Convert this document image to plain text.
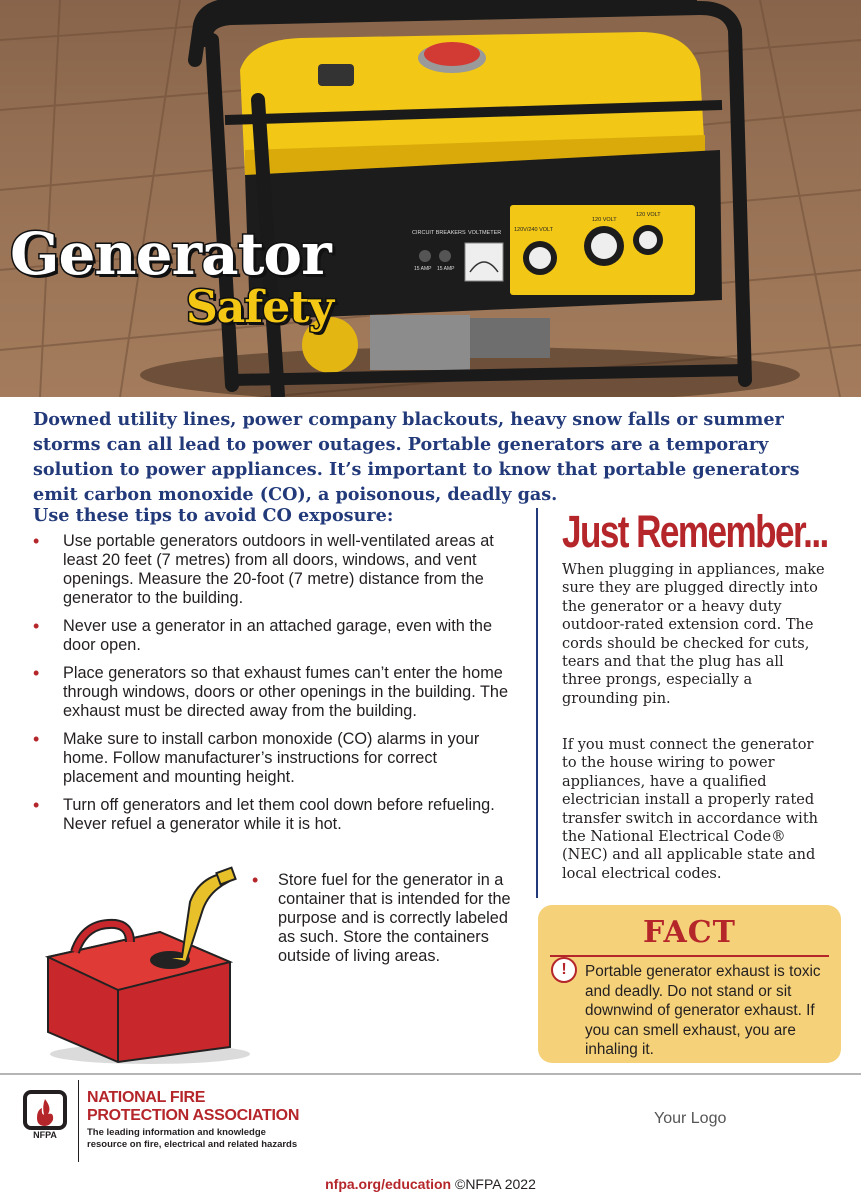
CIRCUIT BREAKERS VOLTMETER 120V/240 VOLT
120 VOLT
120 VOLT
15 AMP 15 AMP
Generator
Safety

Downed utility lines, power company blackouts, heavy snow falls or summer storms can all lead to power outages. Portable generators are a temporary solution to power appliances. It’s important to know that portable generators emit carbon monoxide (CO), a poisonous, deadly gas.

Use these tips to avoid CO exposure:

• Use portable generators outdoors in well-ventilated areas at least 20 feet (7 metres) from all doors, windows, and vent openings. Measure the 20-foot (7 metre) distance from the generator to the building.
• Never use a generator in an attached garage, even with the door open.
• Place generators so that exhaust fumes can’t enter the home through windows, doors or other openings in the building. The exhaust must be directed away from the building.
• Make sure to install carbon monoxide (CO) alarms in your home. Follow manufacturer’s instructions for correct placement and mounting height.
• Turn off generators and let them cool down before refueling. Never refuel a generator while it is hot.
• Store fuel for the generator in a container that is intended for the purpose and is correctly labeled as such. Store the containers outside of living areas.
Just Remember...

When plugging in appliances, make sure they are plugged directly into the generator or a heavy duty outdoor-rated extension cord. The cords should be checked for cuts, tears and that the plug has all three prongs, especially a grounding pin.

If you must connect the generator to the house wiring to power appliances, have a qualified electrician install a properly rated transfer switch in accordance with the National Electrical Code® (NEC) and all applicable state and local electrical codes.

FACT
!	Portable generator exhaust is toxic and deadly. Do not stand or sit downwind of generator exhaust. If you can smell exhaust, you are inhaling it.

NFPA
NATIONAL FIRE
PROTECTION ASSOCIATION
The leading information and knowledge resource on fire, electrical and related hazards
Your Logo
nfpa.org/education ©NFPA 2022
